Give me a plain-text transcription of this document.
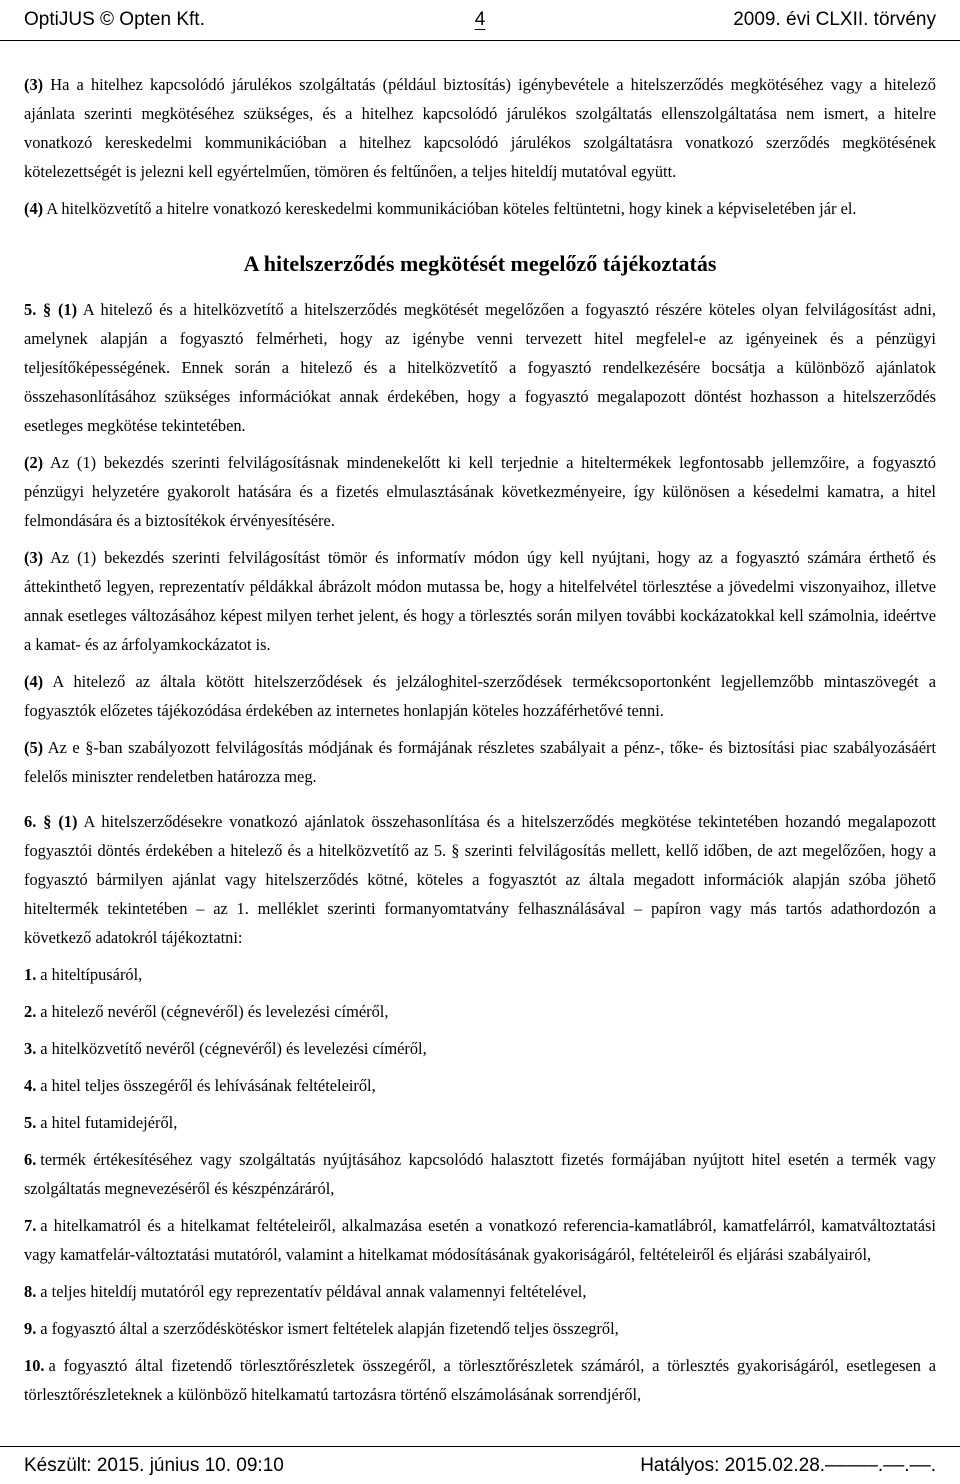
OptiJUS © Opten Kft.	4	2009. évi CLXII. törvény

(3) Ha a hitelhez kapcsolódó járulékos szolgáltatás (például biztosítás) igénybevétele a hitelszerződés megkötéséhez vagy a hitelező ajánlata szerinti megkötéséhez szükséges, és a hitelhez kapcsolódó járulékos szolgáltatás ellenszolgáltatása nem ismert, a hitelre vonatkozó kereskedelmi kommunikációban a hitelhez kapcsolódó járulékos szolgáltatásra vonatkozó szerződés megkötésének kötelezettségét is jelezni kell egyértelműen, tömören és feltűnően, a teljes hiteldíj mutatóval együtt.

(4) A hitelközvetítő a hitelre vonatkozó kereskedelmi kommunikációban köteles feltüntetni, hogy kinek a képviseletében jár el.

A hitelszerződés megkötését megelőző tájékoztatás

5. § (1) A hitelező és a hitelközvetítő a hitelszerződés megkötését megelőzően a fogyasztó részére köteles olyan felvilágosítást adni, amelynek alapján a fogyasztó felmérheti, hogy az igénybe venni tervezett hitel megfelel-e az igényeinek és a pénzügyi teljesítőképességének. Ennek során a hitelező és a hitelközvetítő a fogyasztó rendelkezésére bocsátja a különböző ajánlatok összehasonlításához szükséges információkat annak érdekében, hogy a fogyasztó megalapozott döntést hozhasson a hitelszerződés esetleges megkötése tekintetében.

(2) Az (1) bekezdés szerinti felvilágosításnak mindenekelőtt ki kell terjednie a hiteltermékek legfontosabb jellemzőire, a fogyasztó pénzügyi helyzetére gyakorolt hatására és a fizetés elmulasztásának következményeire, így különösen a késedelmi kamatra, a hitel felmondására és a biztosítékok érvényesítésére.

(3) Az (1) bekezdés szerinti felvilágosítást tömör és informatív módon úgy kell nyújtani, hogy az a fogyasztó számára érthető és áttekinthető legyen, reprezentatív példákkal ábrázolt módon mutassa be, hogy a hitelfelvétel törlesztése a jövedelmi viszonyaihoz, illetve annak esetleges változásához képest milyen terhet jelent, és hogy a törlesztés során milyen további kockázatokkal kell számolnia, ideértve a kamat- és az árfolyamkockázatot is.

(4) A hitelező az általa kötött hitelszerződések és jelzáloghitel-szerződések termékcsoportonként legjellemzőbb mintaszövegét a fogyasztók előzetes tájékozódása érdekében az internetes honlapján köteles hozzáférhetővé tenni.

(5) Az e §-ban szabályozott felvilágosítás módjának és formájának részletes szabályait a pénz-, tőke- és biztosítási piac szabályozásáért felelős miniszter rendeletben határozza meg.

6. § (1) A hitelszerződésekre vonatkozó ajánlatok összehasonlítása és a hitelszerződés megkötése tekintetében hozandó megalapozott fogyasztói döntés érdekében a hitelező és a hitelközvetítő az 5. § szerinti felvilágosítás mellett, kellő időben, de azt megelőzően, hogy a fogyasztó bármilyen ajánlat vagy hitelszerződés kötné, köteles a fogyasztót az általa megadott információk alapján szóba jöhető hiteltermék tekintetében – az 1. melléklet szerinti formanyomtatvány felhasználásával – papíron vagy más tartós adathordozón a következő adatokról tájékoztatni:

1. a hiteltípusáról,
2. a hitelező nevéről (cégnevéről) és levelezési címéről,
3. a hitelközvetítő nevéről (cégnevéről) és levelezési címéről,
4. a hitel teljes összegéről és lehívásának feltételeiről,
5. a hitel futamidejéről,
6. termék értékesítéséhez vagy szolgáltatás nyújtásához kapcsolódó halasztott fizetés formájában nyújtott hitel esetén a termék vagy szolgáltatás megnevezéséről és készpénzáráról,
7. a hitelkamatról és a hitelkamat feltételeiről, alkalmazása esetén a vonatkozó referencia-kamatlábról, kamatfelárról, kamatváltoztatási vagy kamatfelár-változtatási mutatóról, valamint a hitelkamat módosításának gyakoriságáról, feltételeiről és eljárási szabályairól,
8. a teljes hiteldíj mutatóról egy reprezentatív példával annak valamennyi feltételével,
9. a fogyasztó által a szerződéskötéskor ismert feltételek alapján fizetendő teljes összegről,
10. a fogyasztó által fizetendő törlesztőrészletek összegéről, a törlesztőrészletek számáról, a törlesztés gyakoriságáról, esetlegesen a törlesztőrészleteknek a különböző hitelkamatú tartozásra történő elszámolásának sorrendjéről,
Készült: 2015. június 10. 09:10	Hatályos: 2015.02.28.–––––.––.––.
